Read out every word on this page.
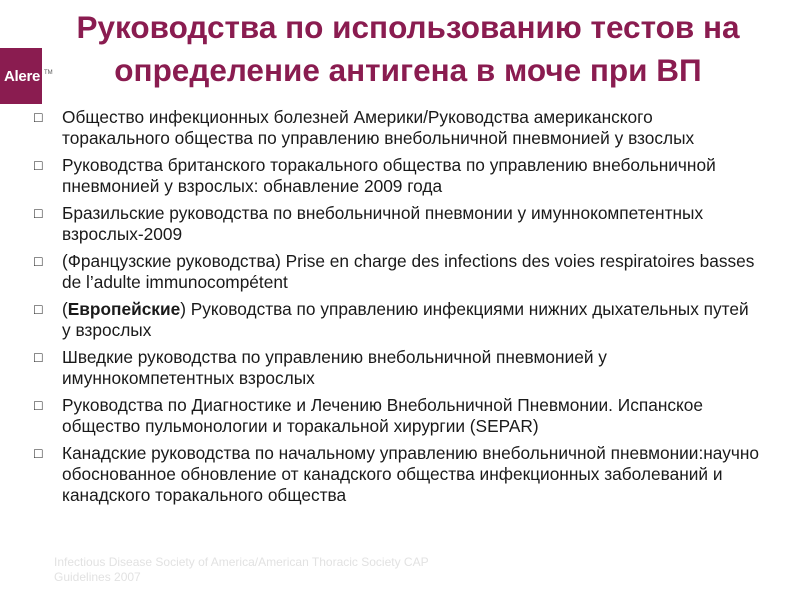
Alere TM
Руководства по использованию тестов на определение антигена в моче при ВП
□	Общество инфекционных болезней Америки/Руководства американского торакального общества по управлению внебольничной пневмонией у взослых
□	Руководства британского торакального общества по управлению внебольничной пневмонией у взрослых: обнавление 2009 года
□	Бразильские руководства по внебольничной пневмонии у имуннокомпетентных взрослых-2009
□	(Французские руководства) Prise en charge des infections des voies respiratoires basses de l’adulte immunocompétent
□	(Европейские) Руководства по управлению инфекциями нижних дыхательных путей у взрослых
□	Шведкие руководства по управлению внебольничной пневмонией у имуннокомпетентных взрослых
□	Руководства по Диагностике и Лечению Внебольничной Пневмонии. Испанское общество пульмонологии и торакальной хирургии (SEPAR)
□	Канадские руководства по начальному управлению внебольничной пневмонии:научно обоснованное обновление от канадского общества инфекционных заболеваний и канадского торакального общества
Infectious Disease Society of America/American Thoracic Society CAP Guidelines 2007
